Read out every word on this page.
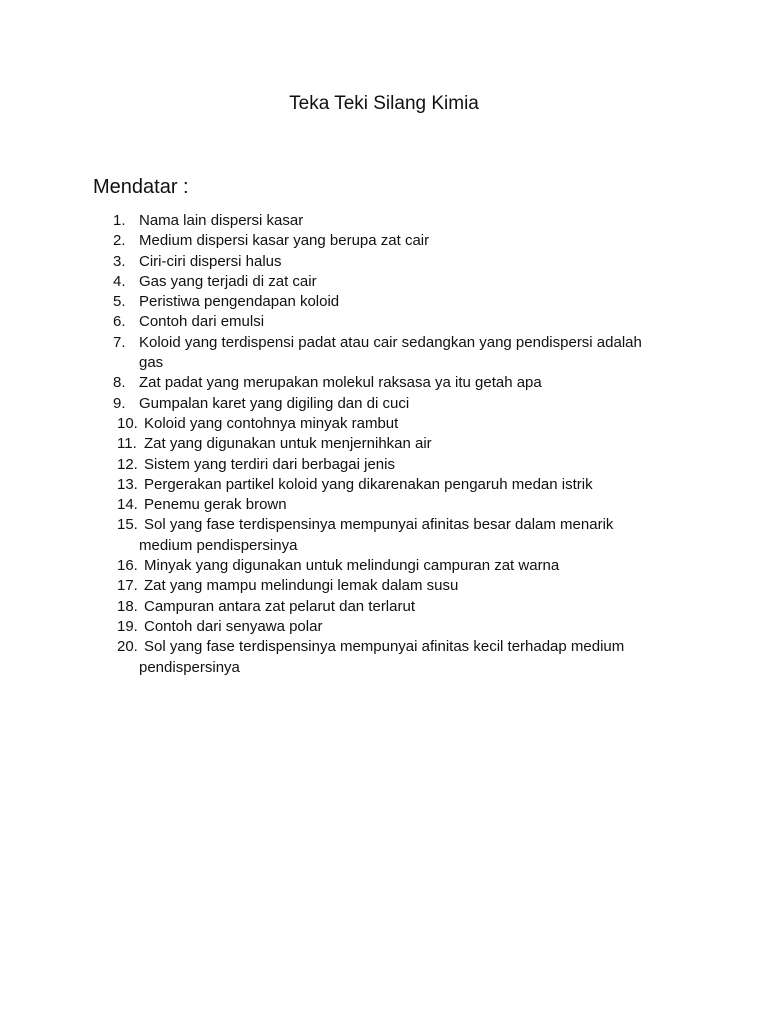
Teka Teki Silang Kimia
Mendatar :
1. Nama lain dispersi kasar
2. Medium dispersi kasar yang berupa zat cair
3. Ciri-ciri dispersi halus
4. Gas yang terjadi di zat cair
5. Peristiwa pengendapan koloid
6. Contoh dari emulsi
7. Koloid yang terdispensi padat atau cair sedangkan yang pendispersi adalah
gas
8. Zat padat yang merupakan molekul raksasa ya itu getah apa
9. Gumpalan karet yang digiling dan di cuci
10. Koloid yang contohnya minyak rambut
11. Zat yang digunakan untuk menjernihkan air
12. Sistem yang terdiri dari berbagai jenis
13. Pergerakan partikel koloid yang dikarenakan pengaruh medan istrik
14. Penemu gerak brown
15. Sol yang fase terdispensinya mempunyai afinitas besar dalam menarik
medium pendispersinya
16. Minyak yang digunakan untuk melindungi campuran zat warna
17. Zat yang mampu melindungi lemak dalam susu
18. Campuran antara zat pelarut dan terlarut
19. Contoh dari senyawa polar
20. Sol yang fase terdispensinya mempunyai afinitas kecil terhadap medium
pendispersinya
